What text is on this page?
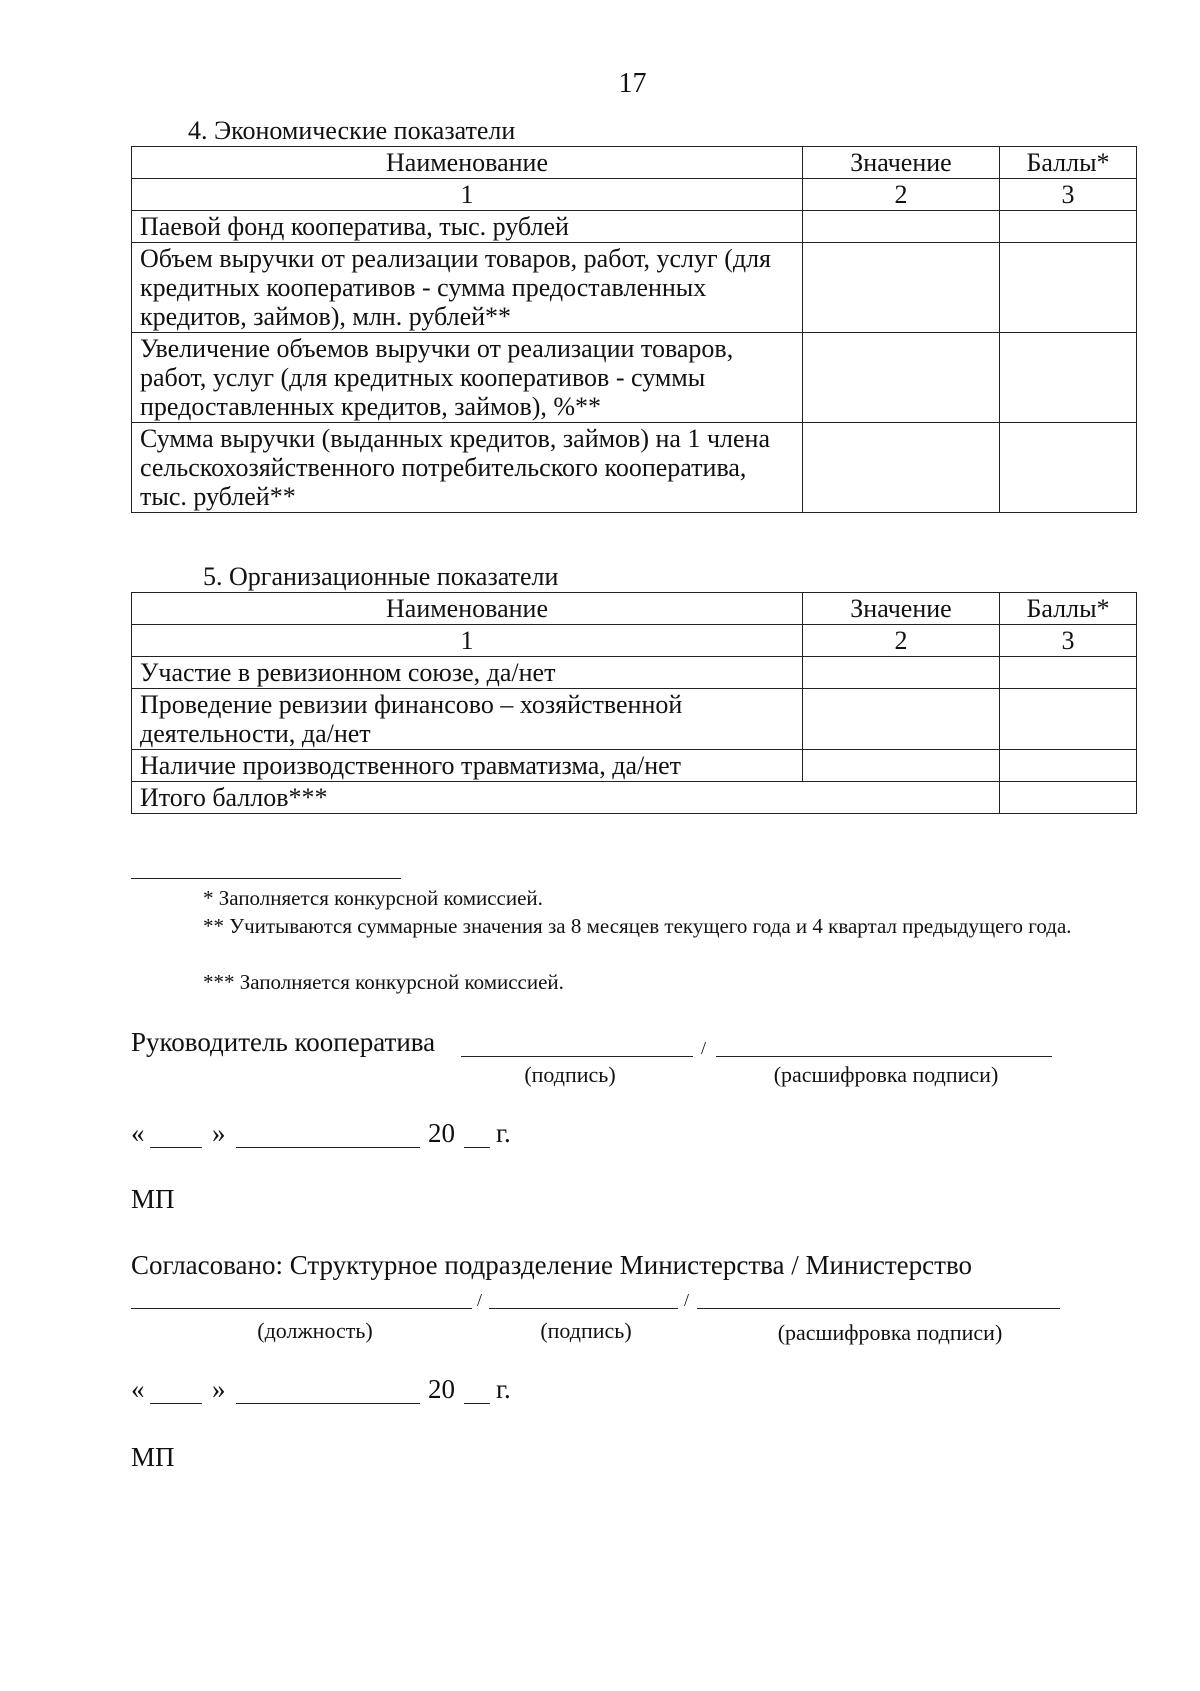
17
4. Экономические показатели
Наименование	Значение	Баллы*
1	2	3
Паевой фонд кооператива, тыс. рублей		
Объем выручки от реализации товаров, работ, услуг (для кредитных кооперативов - сумма предоставленных кредитов, займов), млн. рублей**		
Увеличение объемов выручки от реализации товаров, работ, услуг (для кредитных кооперативов - суммы предоставленных кредитов, займов), %**		
Сумма выручки (выданных кредитов, займов) на 1 члена сельскохозяйственного потребительского кооператива, тыс. рублей**		
5. Организационные показатели
Наименование	Значение	Баллы*
1	2	3
Участие в ревизионном союзе, да/нет		
Проведение ревизии финансово – хозяйственной деятельности, да/нет		
Наличие производственного травматизма, да/нет		
Итого баллов***		
* Заполняется конкурсной комиссией.
** Учитываются суммарные значения за 8 месяцев текущего года и 4 квартал предыдущего года.
*** Заполняется конкурсной комиссией.
Руководитель кооператива	/
(подпись)	(расшифровка подписи)
«	»	20 г.
МП
Согласовано: Структурное подразделение Министерства / Министерство
/	/
(должность)	(подпись)	(расшифровка подписи)
«	»	20 г.
МП
